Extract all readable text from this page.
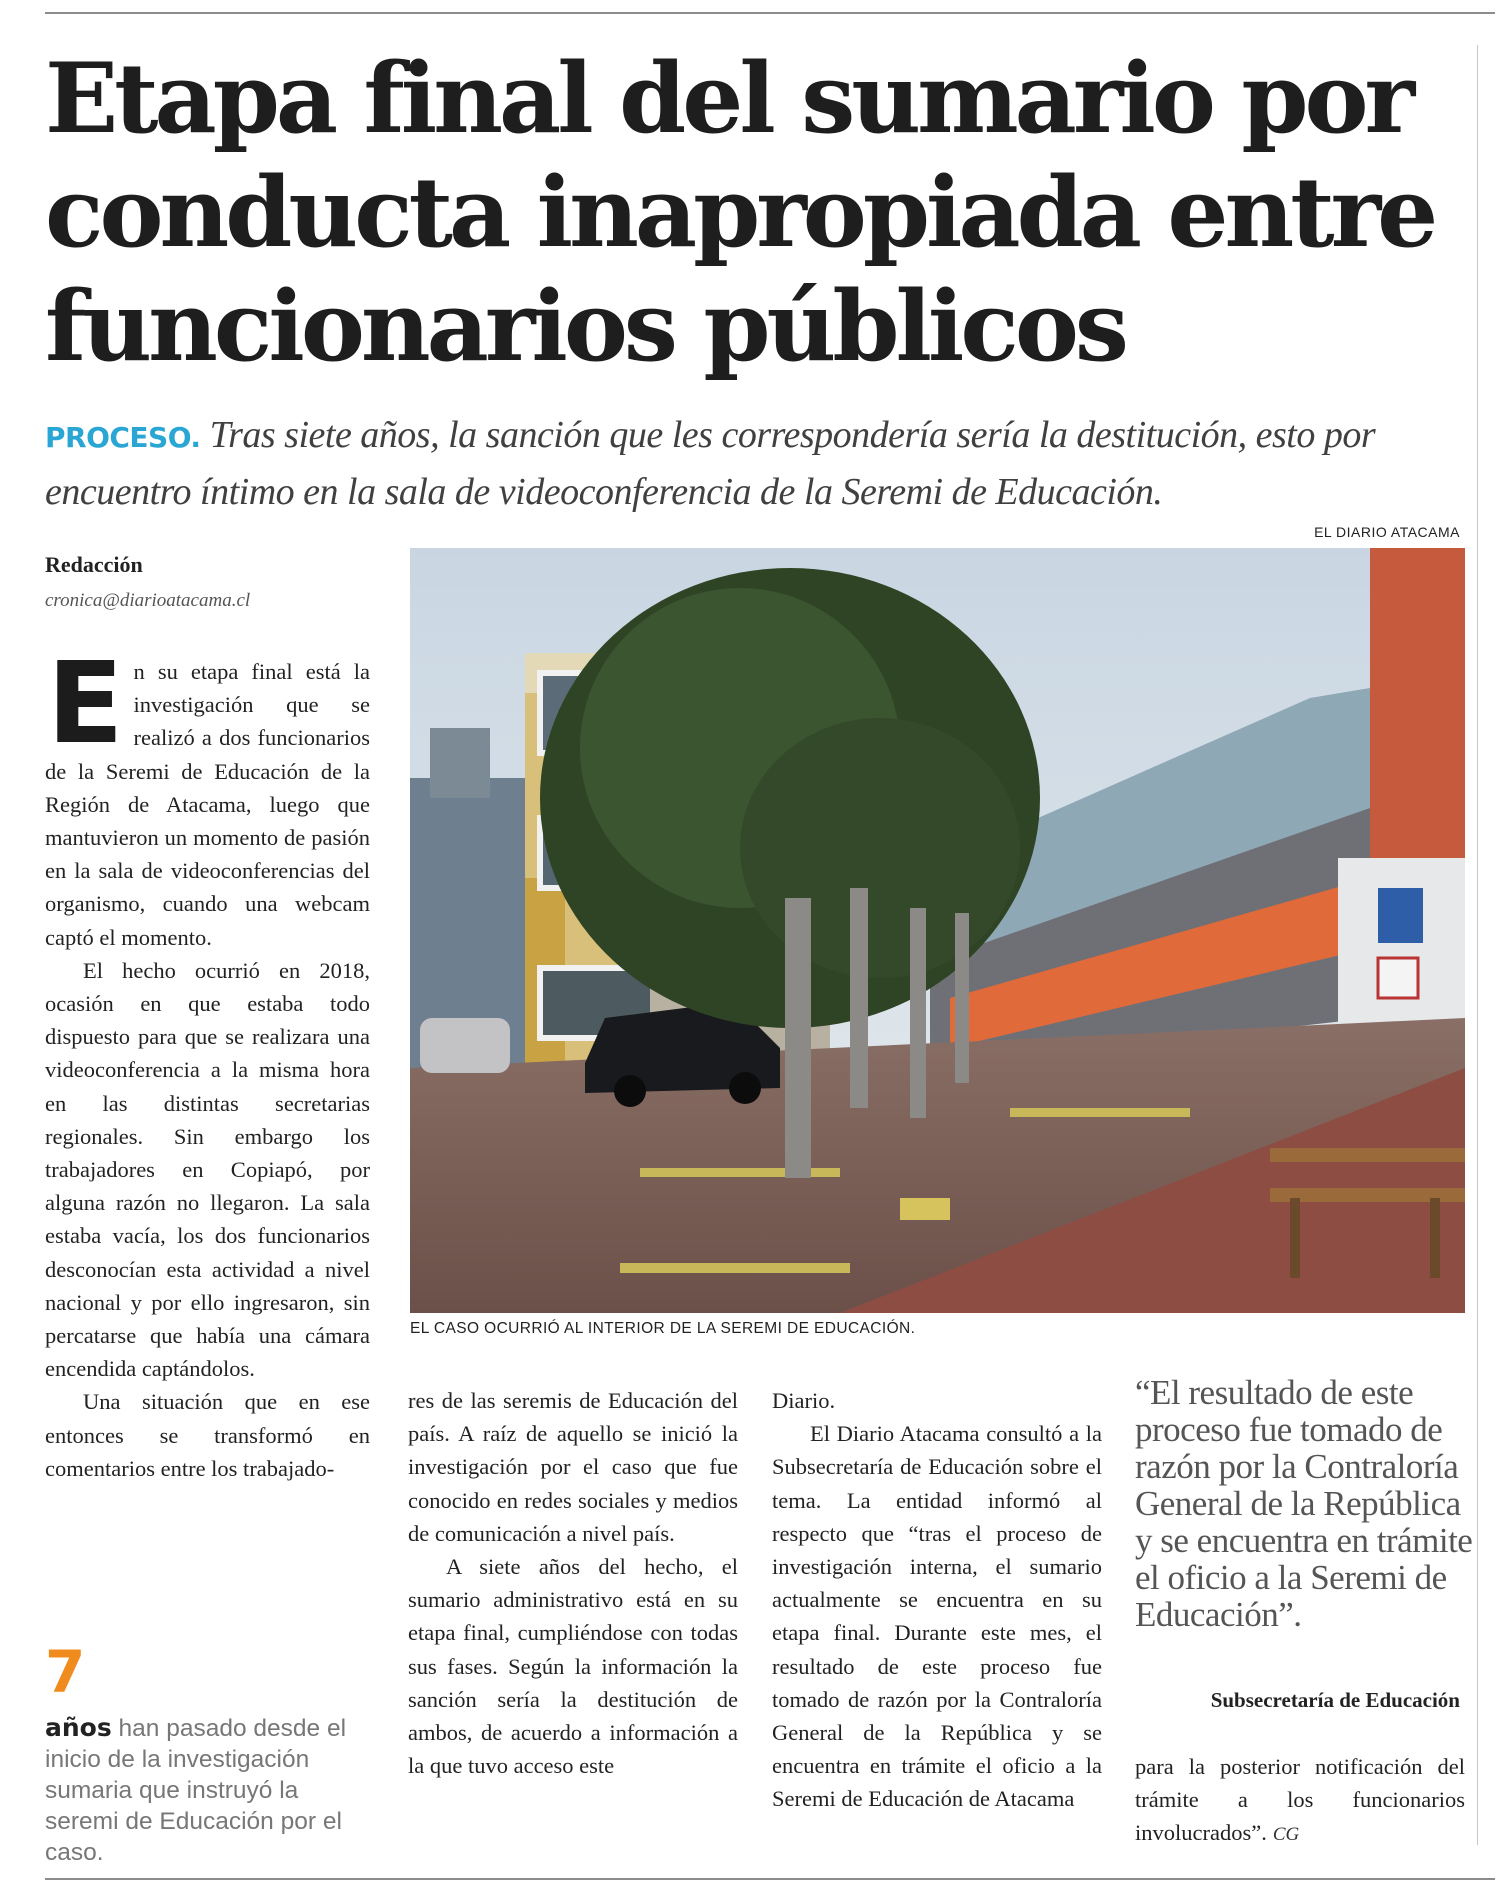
Etapa final del sumario por conducta inapropiada entre funcionarios públicos

PROCESO. Tras siete años, la sanción que les correspondería sería la destitución, esto por encuentro íntimo en la sala de videoconferencia de la Seremi de Educación.

EL DIARIO ATACAMA
Redacción
cronica@diarioatacama.cl
E n su etapa final está la investigación que se realizó a dos funcionarios de la Seremi de Educación de la Región de Atacama, luego que mantuvieron un momento de pasión en la sala de videoconferencias del organismo, cuando una webcam captó el momento.

El hecho ocurrió en 2018, ocasión en que estaba todo dispuesto para que se realizara una videoconferencia a la misma hora en las distintas secretarias regionales. Sin embargo los trabajadores en Copiapó, por alguna razón no llegaron. La sala estaba vacía, los dos funcionarios desconocían esta actividad a nivel nacional y por ello ingresaron, sin percatarse que había una cámara encendida captándolos.

Una situación que en ese entonces se transformó en comentarios entre los trabajado-

EL CASO OCURRIÓ AL INTERIOR DE LA SEREMI DE EDUCACIÓN.

res de las seremis de Educación del país. A raíz de aquello se inició la investigación por el caso que fue conocido en redes sociales y medios de comunicación a nivel país.

A siete años del hecho, el sumario administrativo está en su etapa final, cumpliéndose con todas sus fases. Según la información la sanción sería la destitución de ambos, de acuerdo a información a la que tuvo acceso este

Diario.

El Diario Atacama consultó a la Subsecretaría de Educación sobre el tema. La entidad informó al respecto que “tras el proceso de investigación interna, el sumario actualmente se encuentra en su etapa final. Durante este mes, el resultado de este proceso fue tomado de razón por la Contraloría General de la República y se encuentra en trámite el oficio a la Seremi de Educación de Atacama

7

años han pasado desde el inicio de la investigación sumaria que instruyó la seremi de Educación por el caso.

“El resultado de este proceso fue tomado de razón por la Contraloría General de la República y se encuentra en trámite el oficio a la Seremi de Educación”.

Subsecretaría de Educación

para la posterior notificación del trámite a los funcionarios involucrados”. CG
